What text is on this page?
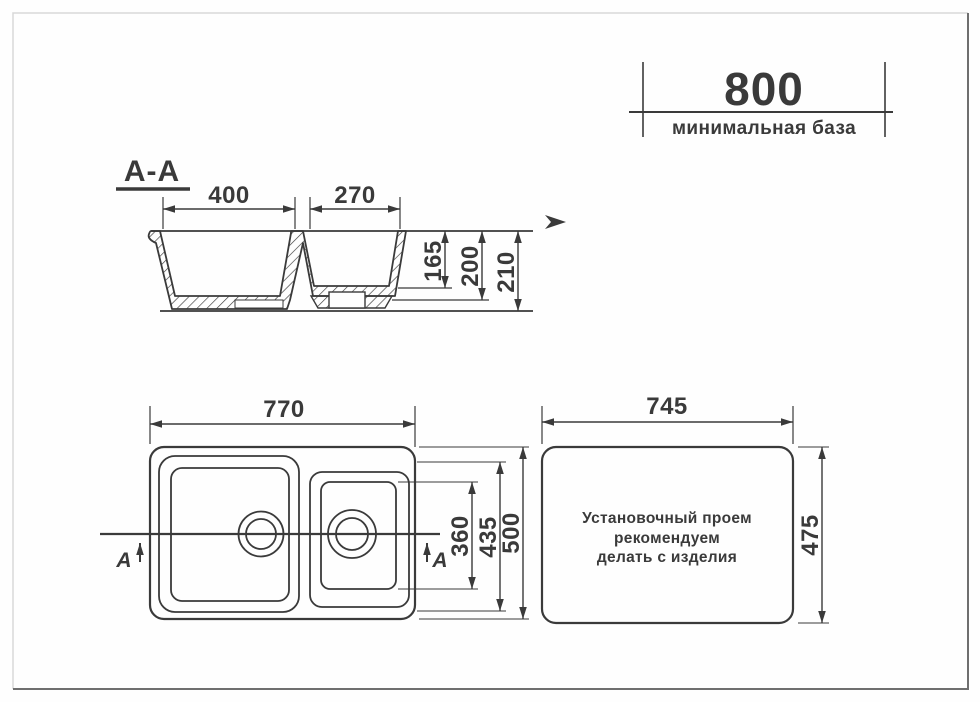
800
минимальная база
A-A
400	270
165 200 210
A	A
770
360 435
500	Установочный проем
рекомендуем
делать с изделия
745
475
